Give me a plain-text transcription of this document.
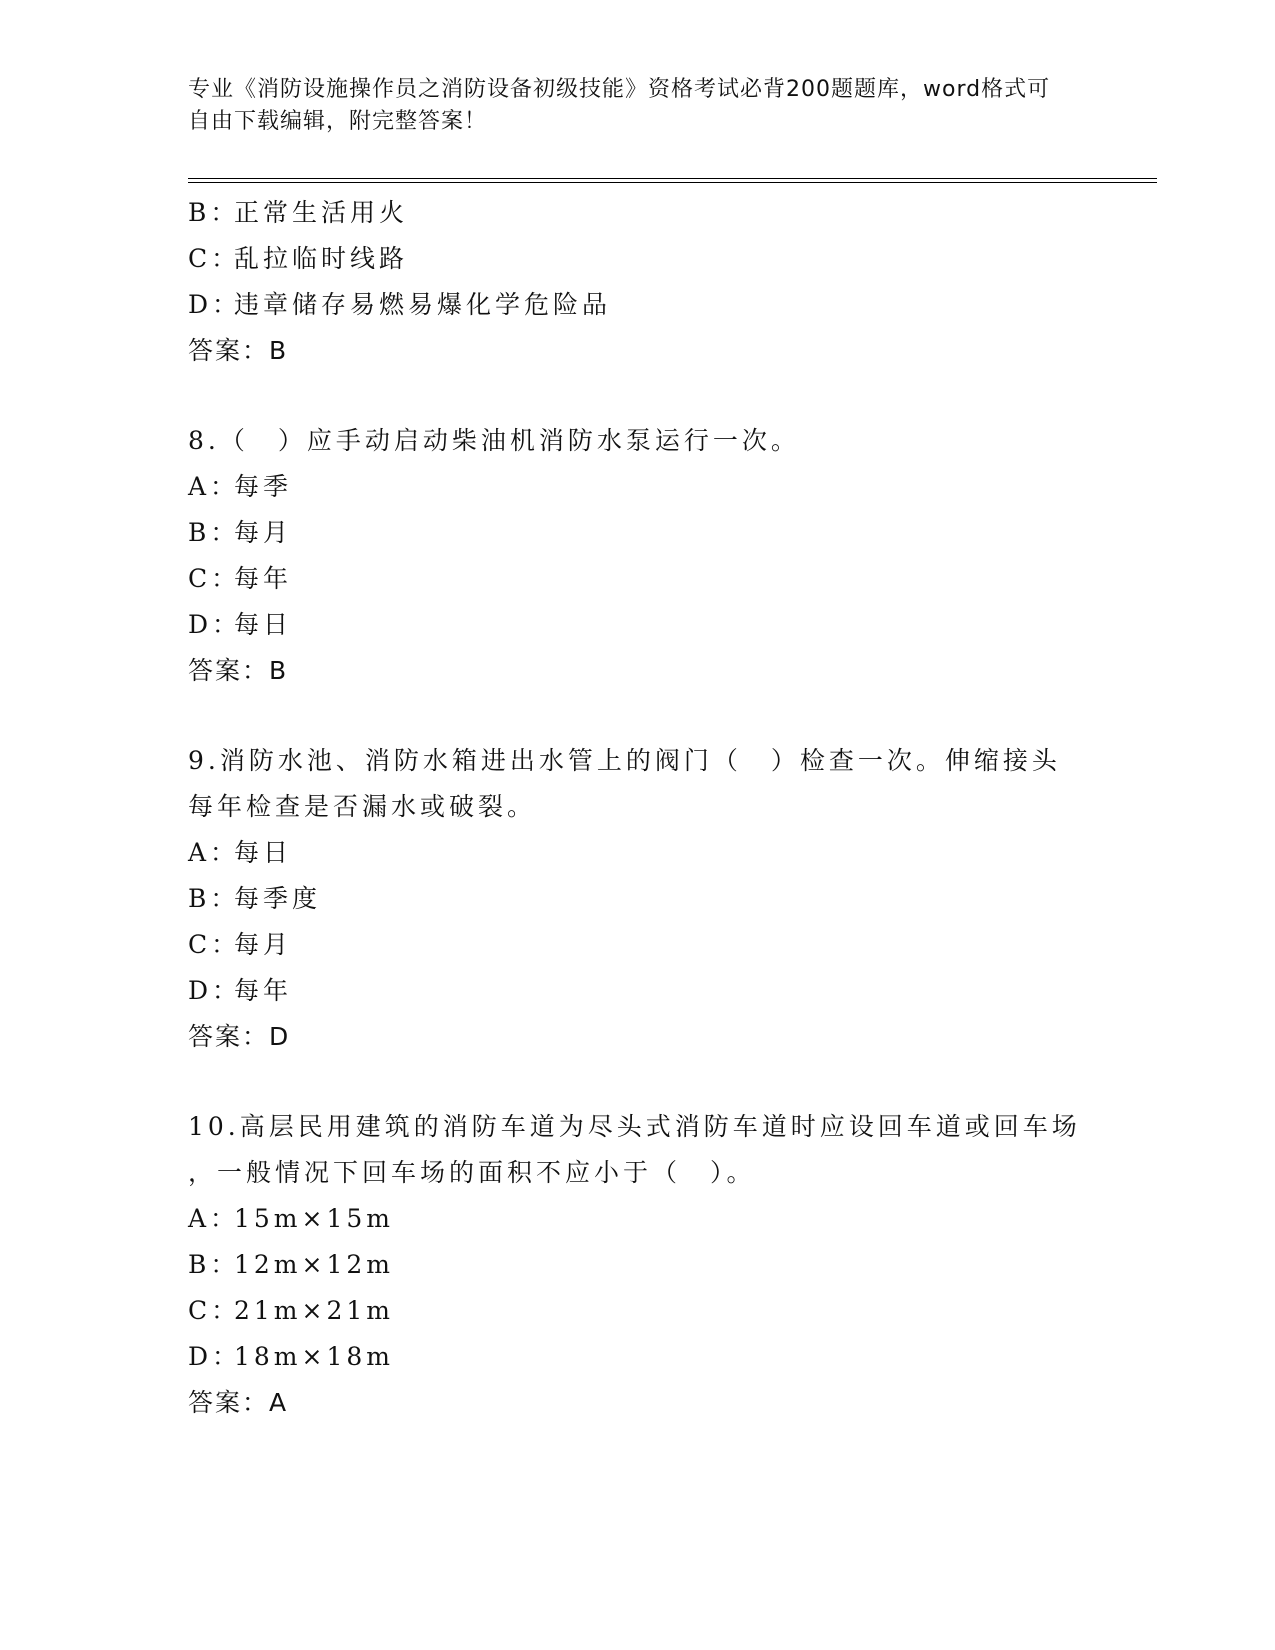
专业《消防设施操作员之消防设备初级技能》资格考试必背200题题库，word格式可自由下载编辑，附完整答案！
B：正常生活用火
C：乱拉临时线路
D：违章储存易燃易爆化学危险品
答案：B
8.（　）应手动启动柴油机消防水泵运行一次。
A：每季
B：每月
C：每年
D：每日
答案：B
9.消防水池、消防水箱进出水管上的阀门（　）检查一次。伸缩接头
每年检查是否漏水或破裂。
A：每日
B：每季度
C：每月
D：每年
答案：D
10.高层民用建筑的消防车道为尽头式消防车道时应设回车道或回车场
，一般情况下回车场的面积不应小于（　）。
A：15m×15m
B：12m×12m
C：21m×21m
D：18m×18m
答案：A
